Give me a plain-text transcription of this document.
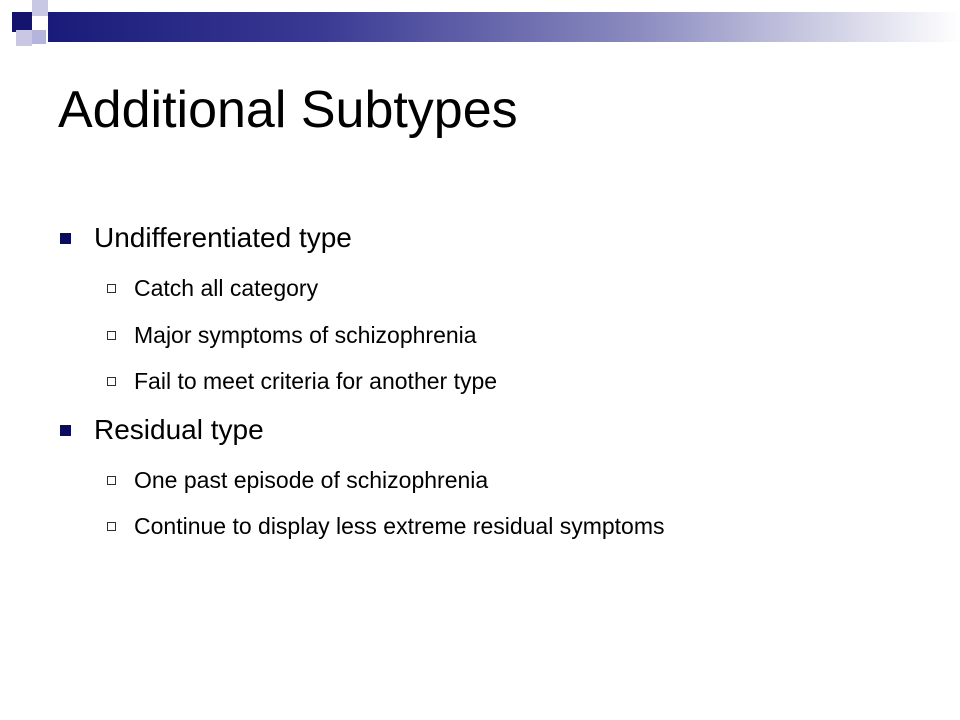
Additional Subtypes
Undifferentiated type
Catch all category
Major symptoms of schizophrenia
Fail to meet criteria for another type
Residual type
One past episode of schizophrenia
Continue to display less extreme residual symptoms
